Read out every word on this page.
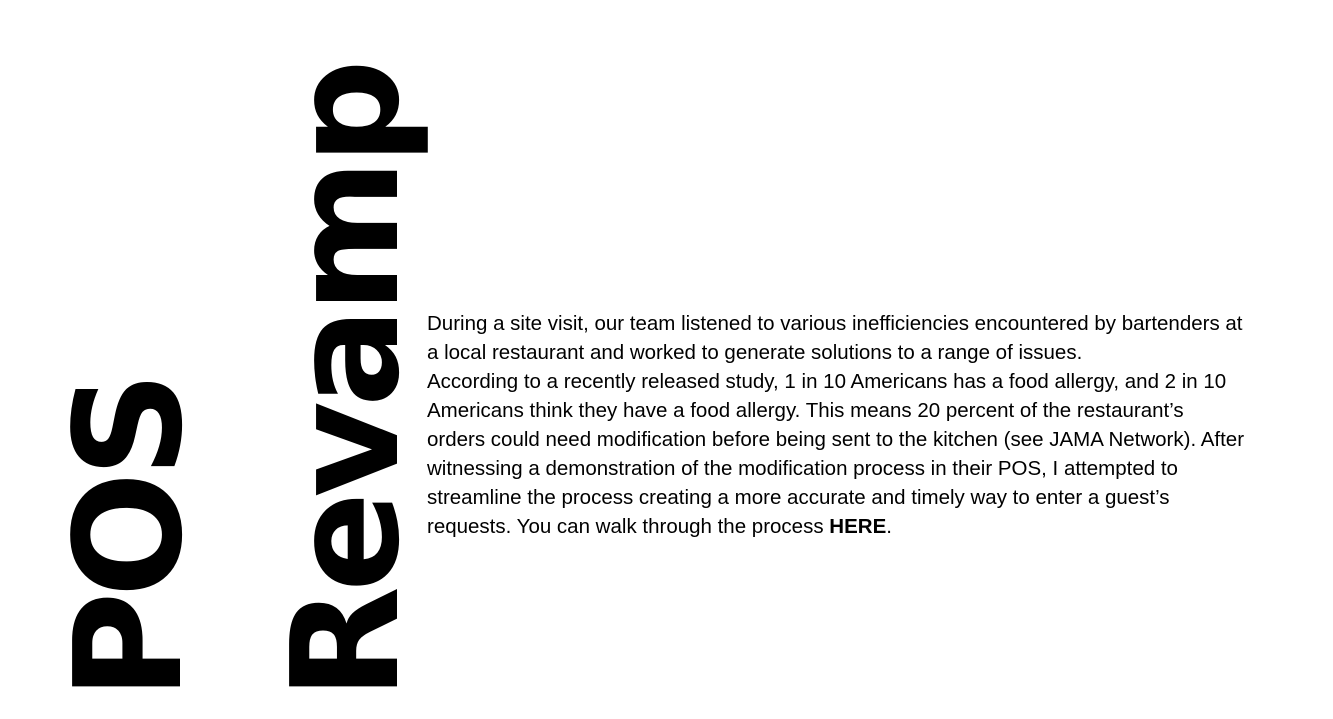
POS Revamp

During a site visit, our team listened to various inefficiencies encountered by bartenders at a local restaurant and worked to generate solutions to a range of issues.

According to a recently released study, 1 in 10 Americans has a food allergy, and 2 in 10 Americans think they have a food allergy. This means 20 percent of the restaurant’s orders could need modification before being sent to the kitchen (see JAMA Network). After witnessing a demonstration of the modification process in their POS, I attempted to streamline the process creating a more accurate and timely way to enter a guest’s requests. You can walk through the process HERE.
